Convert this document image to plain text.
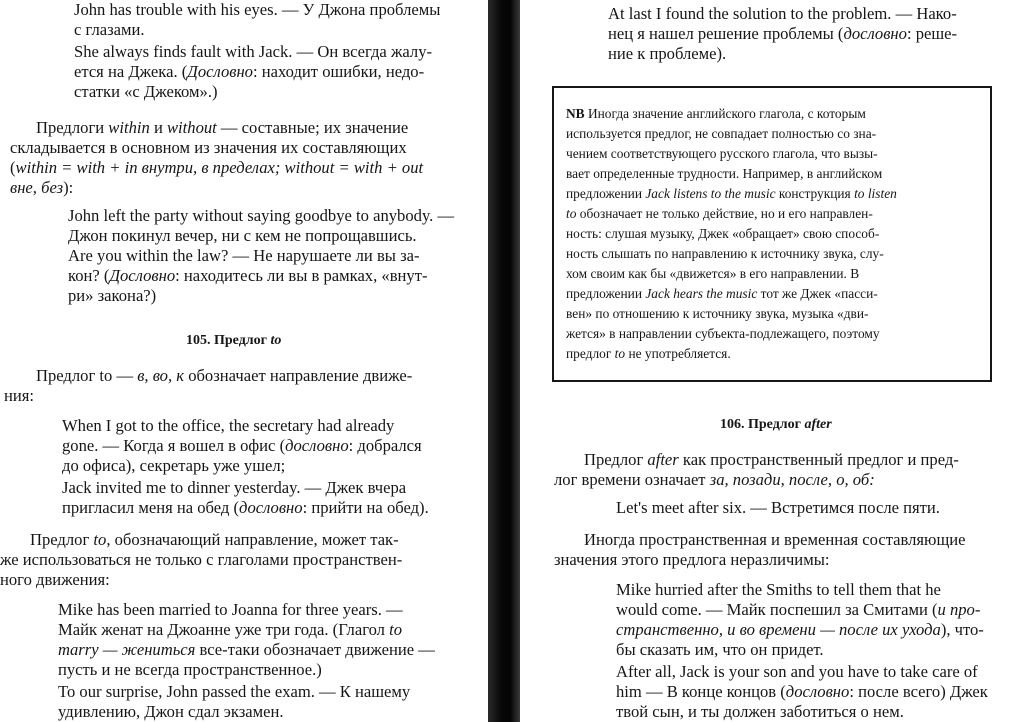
John has trouble with his eyes. — У Джона проблемы
с глазами.
She always finds fault with Jack. — Он всегда жалу-
ется на Джека. (Дословно: находит ошибки, недо-
статки «с Джеком».)
Предлоги within и without — составные; их значение
складывается в основном из значения их составляющих
(within = with + in внутри, в пределах; without = with + out
вне, без):
John left the party without saying goodbye to anybody. —
Джон покинул вечер, ни с кем не попрощавшись.
Are you within the law? — Не нарушаете ли вы за-
кон? (Дословно: находитесь ли вы в рамках, «внут-
ри» закона?)
Предлог to — в, во, к обозначает направление движе-
ния:
When I got to the office, the secretary had already
gone. — Когда я вошел в офис (дословно: добрался
до офиса), секретарь уже ушел;
Jack invited me to dinner yesterday. — Джек вчера
пригласил меня на обед (дословно: прийти на обед).
Предлог to, обозначающий направление, может так-
же использоваться не только с глаголами пространствен-
ного движения:
Mike has been married to Joanna for three years. —
Майк женат на Джоанне уже три года. (Глагол to
marry — жениться все-таки обозначает движение —
пусть и не всегда пространственное.)
To our surprise, John passed the exam. — К нашему
удивлению, Джон сдал экзамен.
105. Предлог to
NB Иногда значение английского глагола, с которым
используется предлог, не совпадает полностью со зна-
чением соответствующего русского глагола, что вызы-
вает определенные трудности. Например, в английском
предложении Jack listens to the music конструкция to listen
to обозначает не только действие, но и его направлен-
ность: слушая музыку, Джек «обращает» свою способ-
ность слышать по направлению к источнику звука, слу-
хом своим как бы «движется» в его направлении. В
предложении Jack hears the music тот же Джек «пасси-
вен» по отношению к источнику звука, музыка «дви-
жется» в направлении субъекта-подлежащего, поэтому
предлог to не употребляется.
At last I found the solution to the problem. — Нако-
нец я нашел решение проблемы (дословно: реше-
ние к проблеме).
Предлог after как пространственный предлог и пред-
лог времени означает за, позади, после, о, об:
Let's meet after six. — Встретимся после пяти.
Иногда пространственная и временная составляющие
значения этого предлога неразличимы:
Mike hurried after the Smiths to tell them that he
would come. — Майк поспешил за Смитами (и про-
странственно, и во времени — после их ухода), что-
бы сказать им, что он придет.
After all, Jack is your son and you have to take care of
him — В конце концов (дословно: после всего) Джек
твой сын, и ты должен заботиться о нем.
106. Предлог after
